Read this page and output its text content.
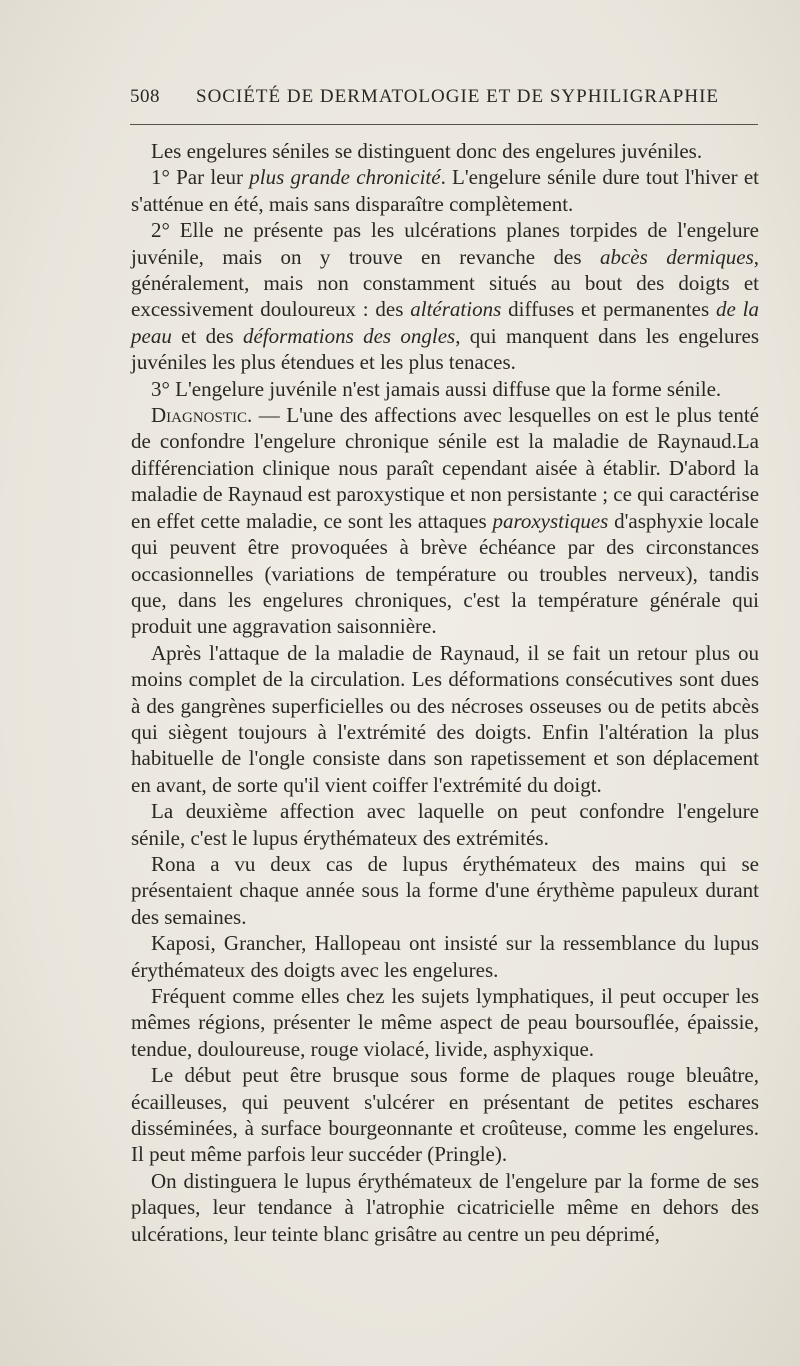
508 SOCIÉTÉ DE DERMATOLOGIE ET DE SYPHILIGRAPHIE

Les engelures séniles se distinguent donc des engelures juvéniles.

1° Par leur plus grande chronicité. L'engelure sénile dure tout l'hiver et s'atténue en été, mais sans disparaître complètement.

2° Elle ne présente pas les ulcérations planes torpides de l'engelure juvénile, mais on y trouve en revanche des abcès dermiques, généralement, mais non constamment situés au bout des doigts et excessivement douloureux : des altérations diffuses et permanentes de la peau et des déformations des ongles, qui manquent dans les engelures juvéniles les plus étendues et les plus tenaces.

3° L'engelure juvénile n'est jamais aussi diffuse que la forme sénile.

Diagnostic. — L'une des affections avec lesquelles on est le plus tenté de confondre l'engelure chronique sénile est la maladie de Raynaud.La différenciation clinique nous paraît cependant aisée à établir. D'abord la maladie de Raynaud est paroxystique et non persistante ; ce qui caractérise en effet cette maladie, ce sont les attaques paroxystiques d'asphyxie locale qui peuvent être provoquées à brève échéance par des circonstances occasionnelles (variations de température ou troubles nerveux), tandis que, dans les engelures chroniques, c'est la température générale qui produit une aggravation saisonnière.

Après l'attaque de la maladie de Raynaud, il se fait un retour plus ou moins complet de la circulation. Les déformations consécutives sont dues à des gangrènes superficielles ou des nécroses osseuses ou de petits abcès qui siègent toujours à l'extrémité des doigts. Enfin l'altération la plus habituelle de l'ongle consiste dans son rapetissement et son déplacement en avant, de sorte qu'il vient coiffer l'extrémité du doigt.

La deuxième affection avec laquelle on peut confondre l'engelure sénile, c'est le lupus érythémateux des extrémités.

Rona a vu deux cas de lupus érythémateux des mains qui se présentaient chaque année sous la forme d'une érythème papuleux durant des semaines.

Kaposi, Grancher, Hallopeau ont insisté sur la ressemblance du lupus érythémateux des doigts avec les engelures.

Fréquent comme elles chez les sujets lymphatiques, il peut occuper les mêmes régions, présenter le même aspect de peau boursouflée, épaissie, tendue, douloureuse, rouge violacé, livide, asphyxique.

Le début peut être brusque sous forme de plaques rouge bleuâtre, écailleuses, qui peuvent s'ulcérer en présentant de petites eschares disséminées, à surface bourgeonnante et croûteuse, comme les engelures. Il peut même parfois leur succéder (Pringle).

On distinguera le lupus érythémateux de l'engelure par la forme de ses plaques, leur tendance à l'atrophie cicatricielle même en dehors des ulcérations, leur teinte blanc grisâtre au centre un peu déprimé,
